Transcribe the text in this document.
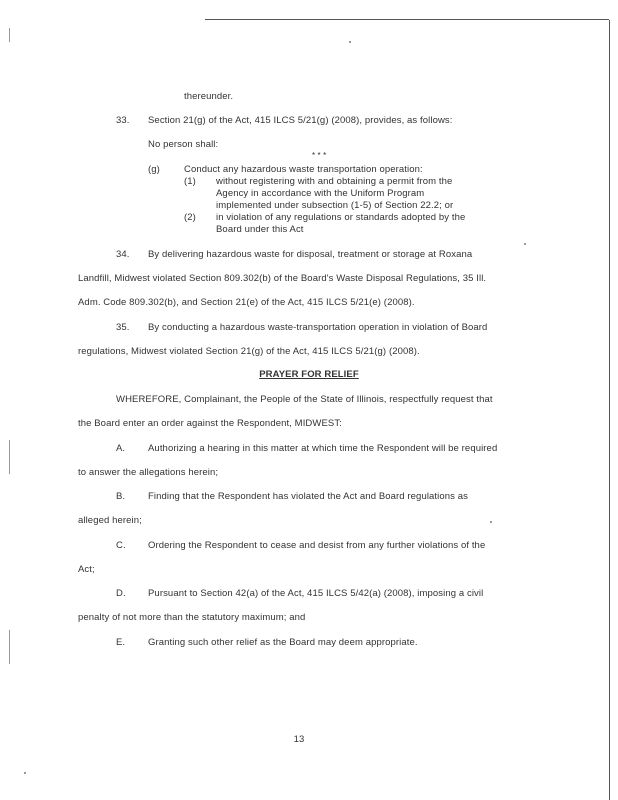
thereunder.
33. Section 21(g) of the Act, 415 ILCS 5/21(g) (2008), provides, as follows:
No person shall:
* * *
(g)	Conduct any hazardous waste transportation operation:
(1) without registering with and obtaining a permit from the
Agency in accordance with the Uniform Program
implemented under subsection (1-5) of Section 22.2; or
(2) in violation of any regulations or standards adopted by the
Board under this Act
34. By delivering hazardous waste for disposal, treatment or storage at Roxana
Landfill, Midwest violated Section 809.302(b) of the Board's Waste Disposal Regulations, 35 Ill.
Adm. Code 809.302(b), and Section 21(e) of the Act, 415 ILCS 5/21(e) (2008).
35. By conducting a hazardous waste-transportation operation in violation of Board
regulations, Midwest violated Section 21(g) of the Act, 415 ILCS 5/21(g) (2008).
PRAYER FOR RELIEF
WHEREFORE, Complainant, the People of the State of Illinois, respectfully request that
the Board enter an order against the Respondent, MIDWEST:
A. Authorizing a hearing in this matter at which time the Respondent will be required
to answer the allegations herein;
B. Finding that the Respondent has violated the Act and Board regulations as
alleged herein;
C. Ordering the Respondent to cease and desist from any further violations of the
Act;
D. Pursuant to Section 42(a) of the Act, 415 ILCS 5/42(a) (2008), imposing a civil
penalty of not more than the statutory maximum; and
E. Granting such other relief as the Board may deem appropriate.
13
